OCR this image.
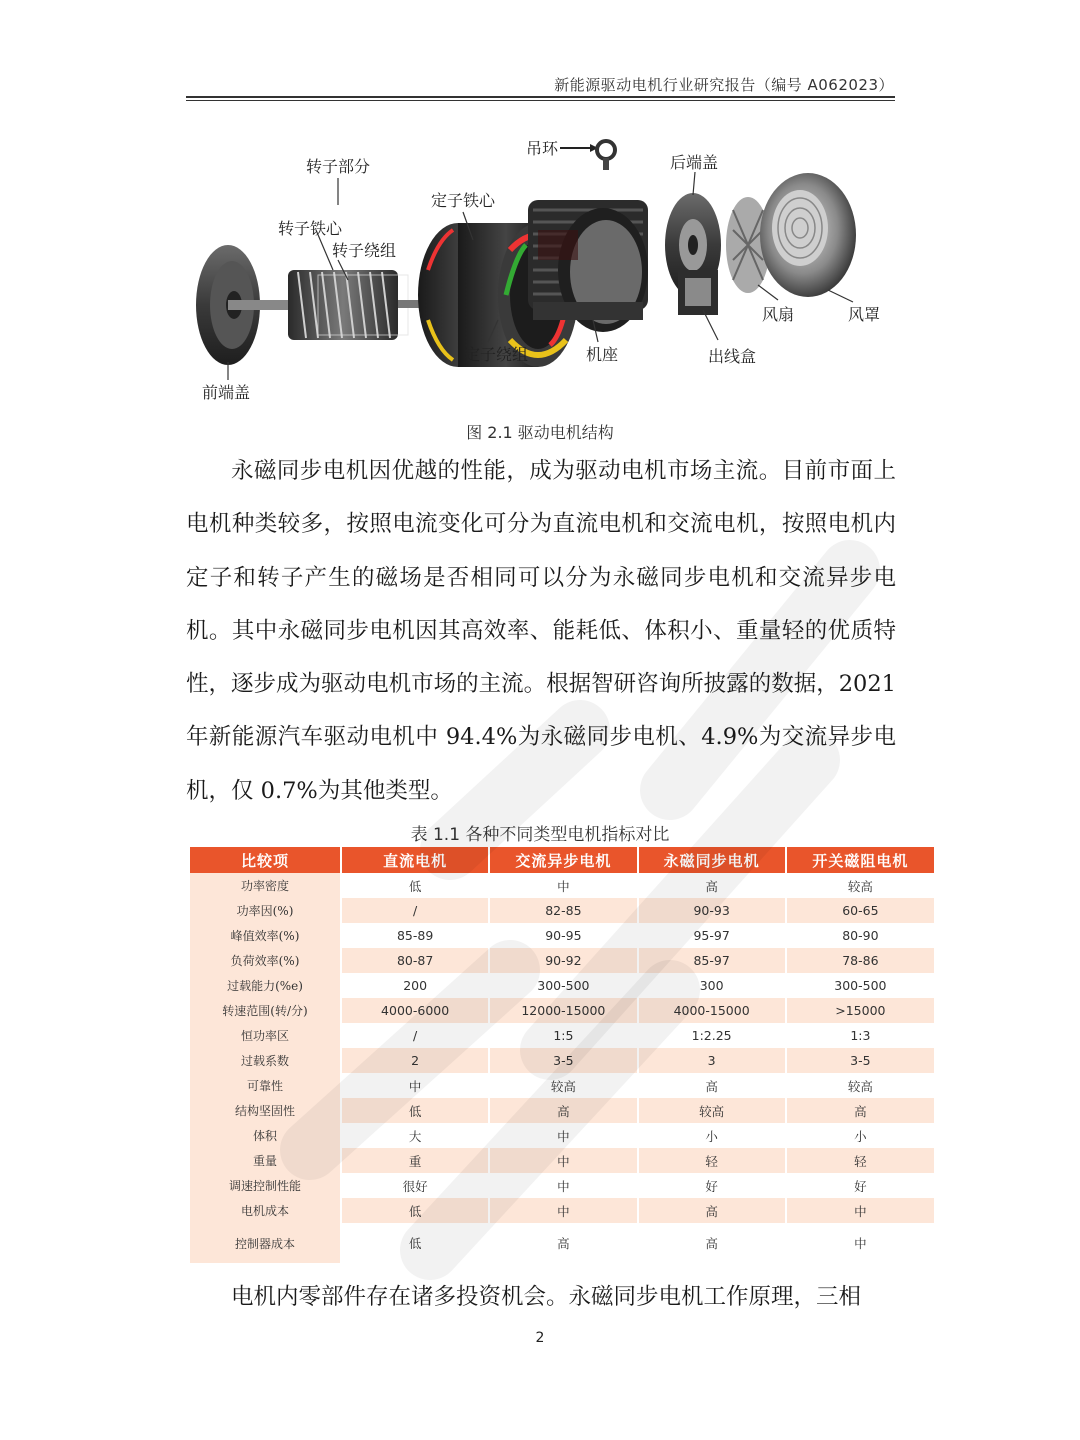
新能源驱动电机行业研究报告（编号 A062023）
转子部分
转子铁心
转子绕组
定子铁心
吊环
后端盖
风扇	风罩
定子绕组	机座	出线盒
前端盖
图 2.1 驱动电机结构
永磁同步电机因优越的性能，成为驱动电机市场主流。目前市面上电机种类较多，按照电流变化可分为直流电机和交流电机，按照电机内定子和转子产生的磁场是否相同可以分为永磁同步电机和交流异步电机。其中永磁同步电机因其高效率、能耗低、体积小、重量轻的优质特性，逐步成为驱动电机市场的主流。根据智研咨询所披露的数据，2021 年新能源汽车驱动电机中 94.4%为永磁同步电机、4.9%为交流异步电机，仅 0.7%为其他类型。
表 1.1 各种不同类型电机指标对比
比较项	直流电机	交流异步电机	永磁同步电机	开关磁阻电机
功率密度	低	中	高	较高
功率因(%)	/	82-85	90-93	60-65
峰值效率(%)	85-89	90-95	95-97	80-90
负荷效率(%)	80-87	90-92	85-97	78-86
过载能力(%e)	200	300-500	300	300-500
转速范围(转/分)	4000-6000	12000-15000	4000-15000	>15000
恒功率区	/	1:5	1:2.25	1:3
过载系数	2	3-5	3	3-5
可靠性	中	较高	高	较高
结构坚固性	低	高	较高	高
体积	大	中	小	小
重量	重	中	轻	轻
调速控制性能	很好	中	好	好
电机成本	低	中	高	中
控制器成本	低	高	高	中
电机内零部件存在诸多投资机会。永磁同步电机工作原理，三相
2
